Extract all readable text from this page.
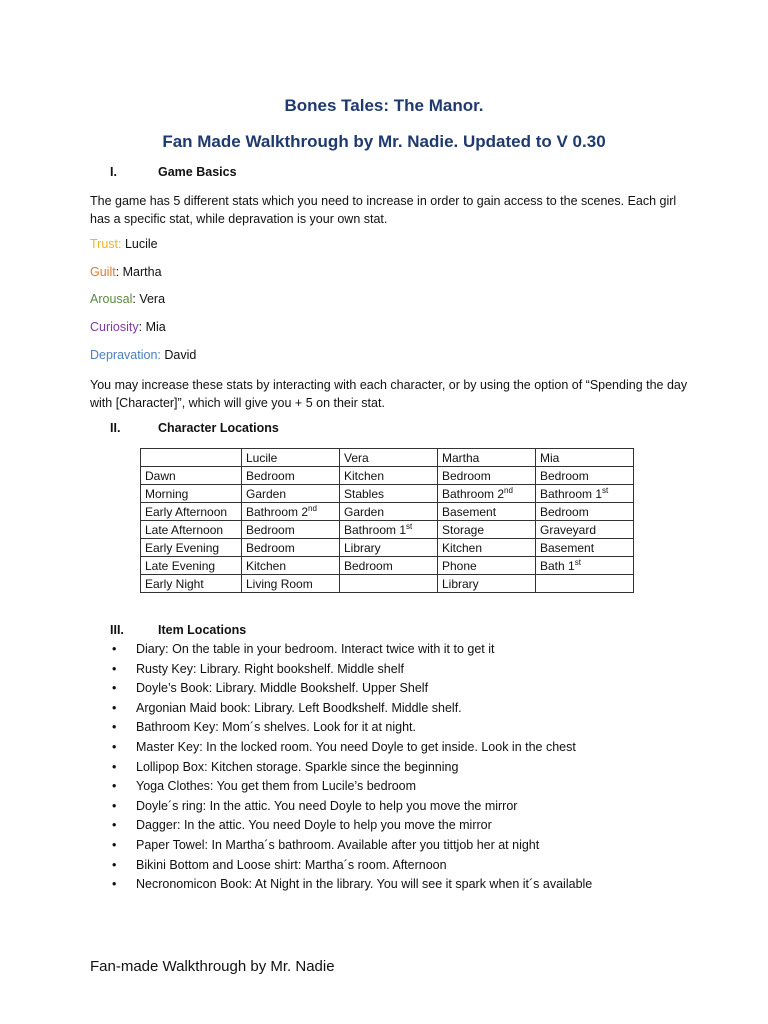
Bones Tales: The Manor.
Fan Made Walkthrough by Mr. Nadie. Updated to V 0.30
I.	Game Basics
The game has 5 different stats which you need to increase in order to gain access to the scenes. Each girl has a specific stat, while depravation is your own stat.
Trust: Lucile
Guilt: Martha
Arousal: Vera
Curiosity: Mia
Depravation: David
You may increase these stats by interacting with each character, or by using the option of “Spending the day with [Character]”, which will give you + 5 on their stat.
II.	Character Locations
	Lucile	Vera	Martha	Mia
Dawn	Bedroom	Kitchen	Bedroom	Bedroom
Morning	Garden	Stables	Bathroom 2nd	Bathroom 1st
Early Afternoon	Bathroom 2nd	Garden	Basement	Bedroom
Late Afternoon	Bedroom	Bathroom 1st	Storage	Graveyard
Early Evening	Bedroom	Library	Kitchen	Basement
Late Evening	Kitchen	Bedroom	Phone	Bath 1st
Early Night	Living Room		Library	
III.	Item Locations
• Diary: On the table in your bedroom. Interact twice with it to get it
• Rusty Key: Library. Right bookshelf. Middle shelf
• Doyle’s Book: Library. Middle Bookshelf. Upper Shelf
• Argonian Maid book: Library. Left Boodkshelf. Middle shelf.
• Bathroom Key: Mom´s shelves. Look for it at night.
• Master Key: In the locked room. You need Doyle to get inside. Look in the chest
• Lollipop Box: Kitchen storage. Sparkle since the beginning
• Yoga Clothes: You get them from Lucile’s bedroom
• Doyle´s ring: In the attic. You need Doyle to help you move the mirror
• Dagger: In the attic. You need Doyle to help you move the mirror
• Paper Towel: In Martha´s bathroom. Available after you tittjob her at night
• Bikini Bottom and Loose shirt: Martha´s room. Afternoon
• Necronomicon Book: At Night in the library. You will see it spark when it´s available
Fan-made Walkthrough by Mr. Nadie
